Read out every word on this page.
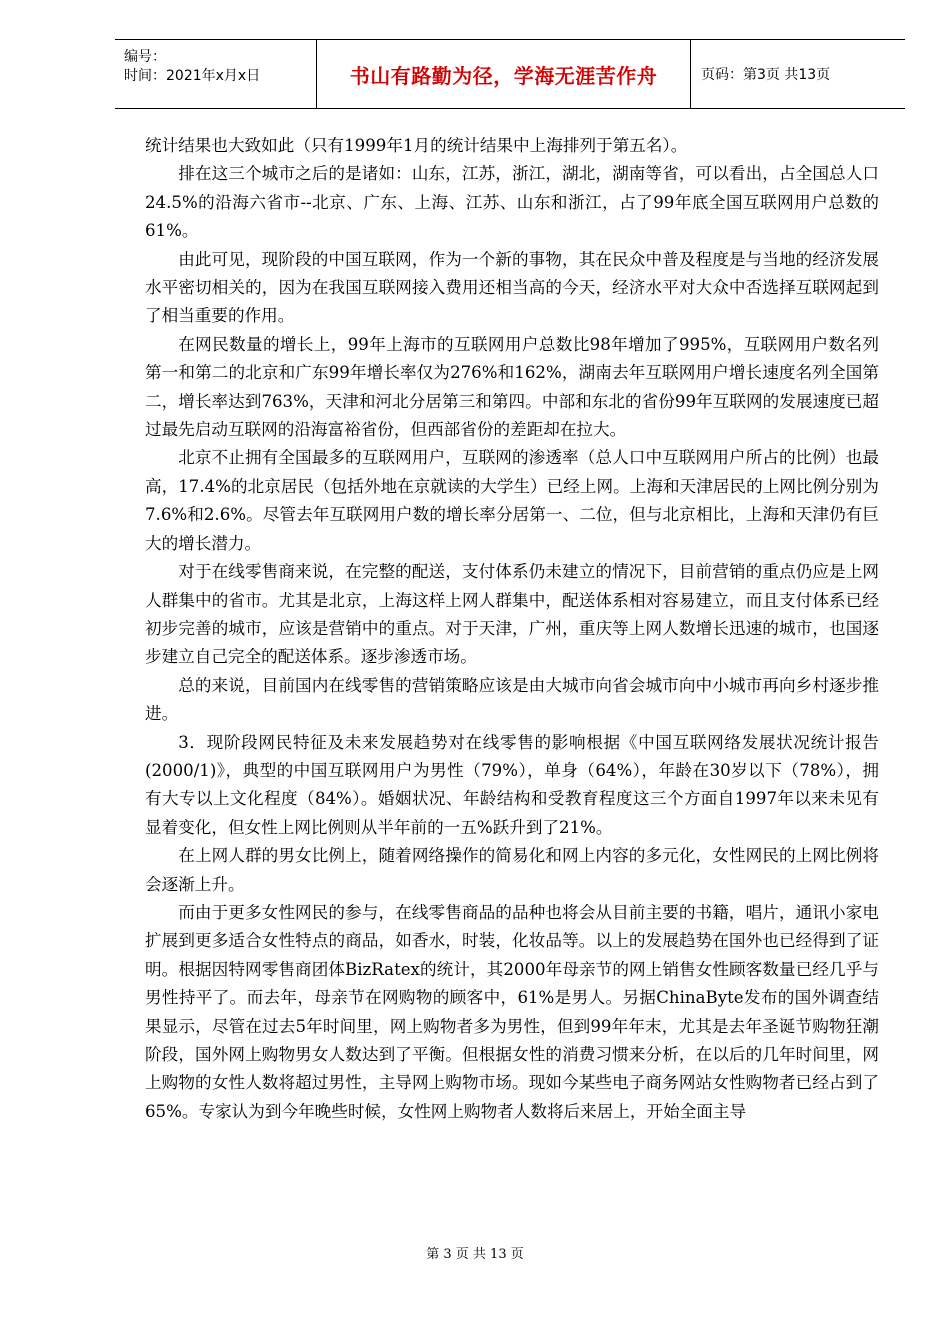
编号：
时间：2021年x月x日	书山有路勤为径，学海无涯苦作舟	页码：第3页 共13页

统计结果也大致如此（只有1999年1月的统计结果中上海排列于第五名）。

排在这三个城市之后的是诸如：山东，江苏，浙江，湖北，湖南等省，可以看出，占全国总人口24.5%的沿海六省市--北京、广东、上海、江苏、山东和浙江，占了99年底全国互联网用户总数的61%。

由此可见，现阶段的中国互联网，作为一个新的事物，其在民众中普及程度是与当地的经济发展水平密切相关的，因为在我国互联网接入费用还相当高的今天，经济水平对大众中否选择互联网起到了相当重要的作用。

在网民数量的增长上，99年上海市的互联网用户总数比98年增加了995%，互联网用户数名列第一和第二的北京和广东99年增长率仅为276%和162%，湖南去年互联网用户增长速度名列全国第二，增长率达到763%，天津和河北分居第三和第四。中部和东北的省份99年互联网的发展速度已超过最先启动互联网的沿海富裕省份，但西部省份的差距却在拉大。

北京不止拥有全国最多的互联网用户，互联网的渗透率（总人口中互联网用户所占的比例）也最高，17.4%的北京居民（包括外地在京就读的大学生）已经上网。上海和天津居民的上网比例分别为7.6%和2.6%。尽管去年互联网用户数的增长率分居第一、二位，但与北京相比，上海和天津仍有巨大的增长潜力。

对于在线零售商来说，在完整的配送，支付体系仍未建立的情况下，目前营销的重点仍应是上网人群集中的省市。尤其是北京，上海这样上网人群集中，配送体系相对容易建立，而且支付体系已经初步完善的城市，应该是营销中的重点。对于天津，广州，重庆等上网人数增长迅速的城市，也国逐步建立自己完全的配送体系。逐步渗透市场。

总的来说，目前国内在线零售的营销策略应该是由大城市向省会城市向中小城市再向乡村逐步推进。

3．现阶段网民特征及未来发展趋势对在线零售的影响根据《中国互联网络发展状况统计报告(2000/1)》，典型的中国互联网用户为男性（79%），单身（64%），年龄在30岁以下（78%），拥有大专以上文化程度（84%）。婚姻状况、年龄结构和受教育程度这三个方面自1997年以来未见有显着变化，但女性上网比例则从半年前的一五%跃升到了21%。

在上网人群的男女比例上，随着网络操作的简易化和网上内容的多元化，女性网民的上网比例将会逐渐上升。

而由于更多女性网民的参与，在线零售商品的品种也将会从目前主要的书籍，唱片，通讯小家电扩展到更多适合女性特点的商品，如香水，时装，化妆品等。以上的发展趋势在国外也已经得到了证明。根据因特网零售商团体BizRatex的统计，其2000年母亲节的网上销售女性顾客数量已经几乎与男性持平了。而去年，母亲节在网购物的顾客中，61%是男人。另据ChinaByte发布的国外调查结果显示，尽管在过去5年时间里，网上购物者多为男性，但到99年年末，尤其是去年圣诞节购物狂潮阶段，国外网上购物男女人数达到了平衡。但根据女性的消费习惯来分析，在以后的几年时间里，网上购物的女性人数将超过男性，主导网上购物市场。现如今某些电子商务网站女性购物者已经占到了65%。专家认为到今年晚些时候，女性网上购物者人数将后来居上，开始全面主导

第 3 页 共 13 页
